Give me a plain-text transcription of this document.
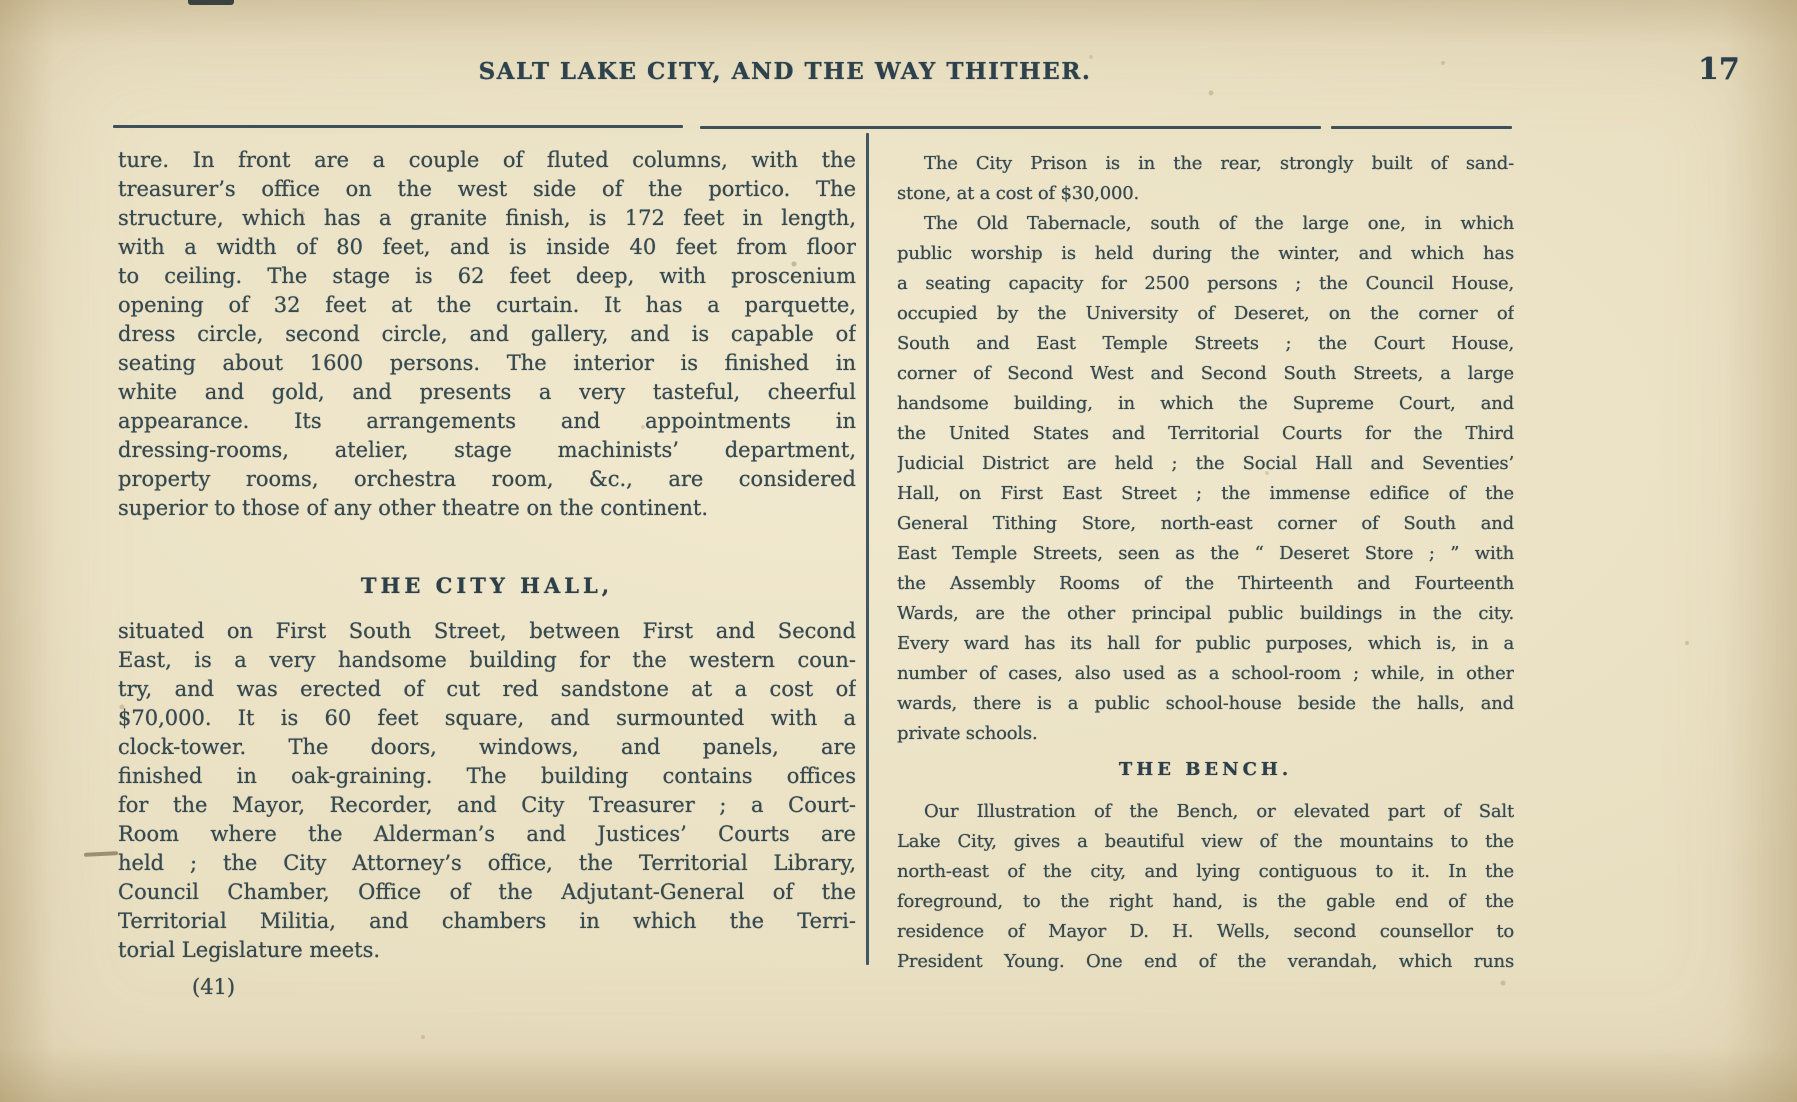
SALT LAKE CITY, AND THE WAY THITHER.	17
ture. In front are a couple of fluted columns, with the
treasurer’s office on the west side of the portico. The
structure, which has a granite finish, is 172 feet in length,
with a width of 80 feet, and is inside 40 feet from floor
to ceiling. The stage is 62 feet deep, with proscenium
opening of 32 feet at the curtain. It has a parquette,
dress circle, second circle, and gallery, and is capable of
seating about 1600 persons. The interior is finished in
white and gold, and presents a very tasteful, cheerful
appearance. Its arrangements and appointments in
dressing-rooms, atelier, stage machinists’ department,
property rooms, orchestra room, &c., are considered
superior to those of any other theatre on the continent.
THE CITY HALL,
situated on First South Street, between First and Second
East, is a very handsome building for the western coun-
try, and was erected of cut red sandstone at a cost of
$70,000. It is 60 feet square, and surmounted with a
clock-tower. The doors, windows, and panels, are
finished in oak-graining. The building contains offices
for the Mayor, Recorder, and City Treasurer ; a Court-
Room where the Alderman’s and Justices’ Courts are
held ; the City Attorney’s office, the Territorial Library,
Council Chamber, Office of the Adjutant-General of the
Territorial Militia, and chambers in which the Terri-
torial Legislature meets.
(41)
The City Prison is in the rear, strongly built of sand-
stone, at a cost of $30,000.
The Old Tabernacle, south of the large one, in which
public worship is held during the winter, and which has
a seating capacity for 2500 persons ; the Council House,
occupied by the University of Deseret, on the corner of
South and East Temple Streets ; the Court House,
corner of Second West and Second South Streets, a large
handsome building, in which the Supreme Court, and
the United States and Territorial Courts for the Third
Judicial District are held ; the Social Hall and Seventies’
Hall, on First East Street ; the immense edifice of the
General Tithing Store, north-east corner of South and
East Temple Streets, seen as the “ Deseret Store ; ” with
the Assembly Rooms of the Thirteenth and Fourteenth
Wards, are the other principal public buildings in the city.
Every ward has its hall for public purposes, which is, in a
number of cases, also used as a school-room ; while, in other
wards, there is a public school-house beside the halls, and
private schools.
THE BENCH.
Our Illustration of the Bench, or elevated part of Salt
Lake City, gives a beautiful view of the mountains to the
north-east of the city, and lying contiguous to it. In the
foreground, to the right hand, is the gable end of the
residence of Mayor D. H. Wells, second counsellor to
President Young. One end of the verandah, which runs
